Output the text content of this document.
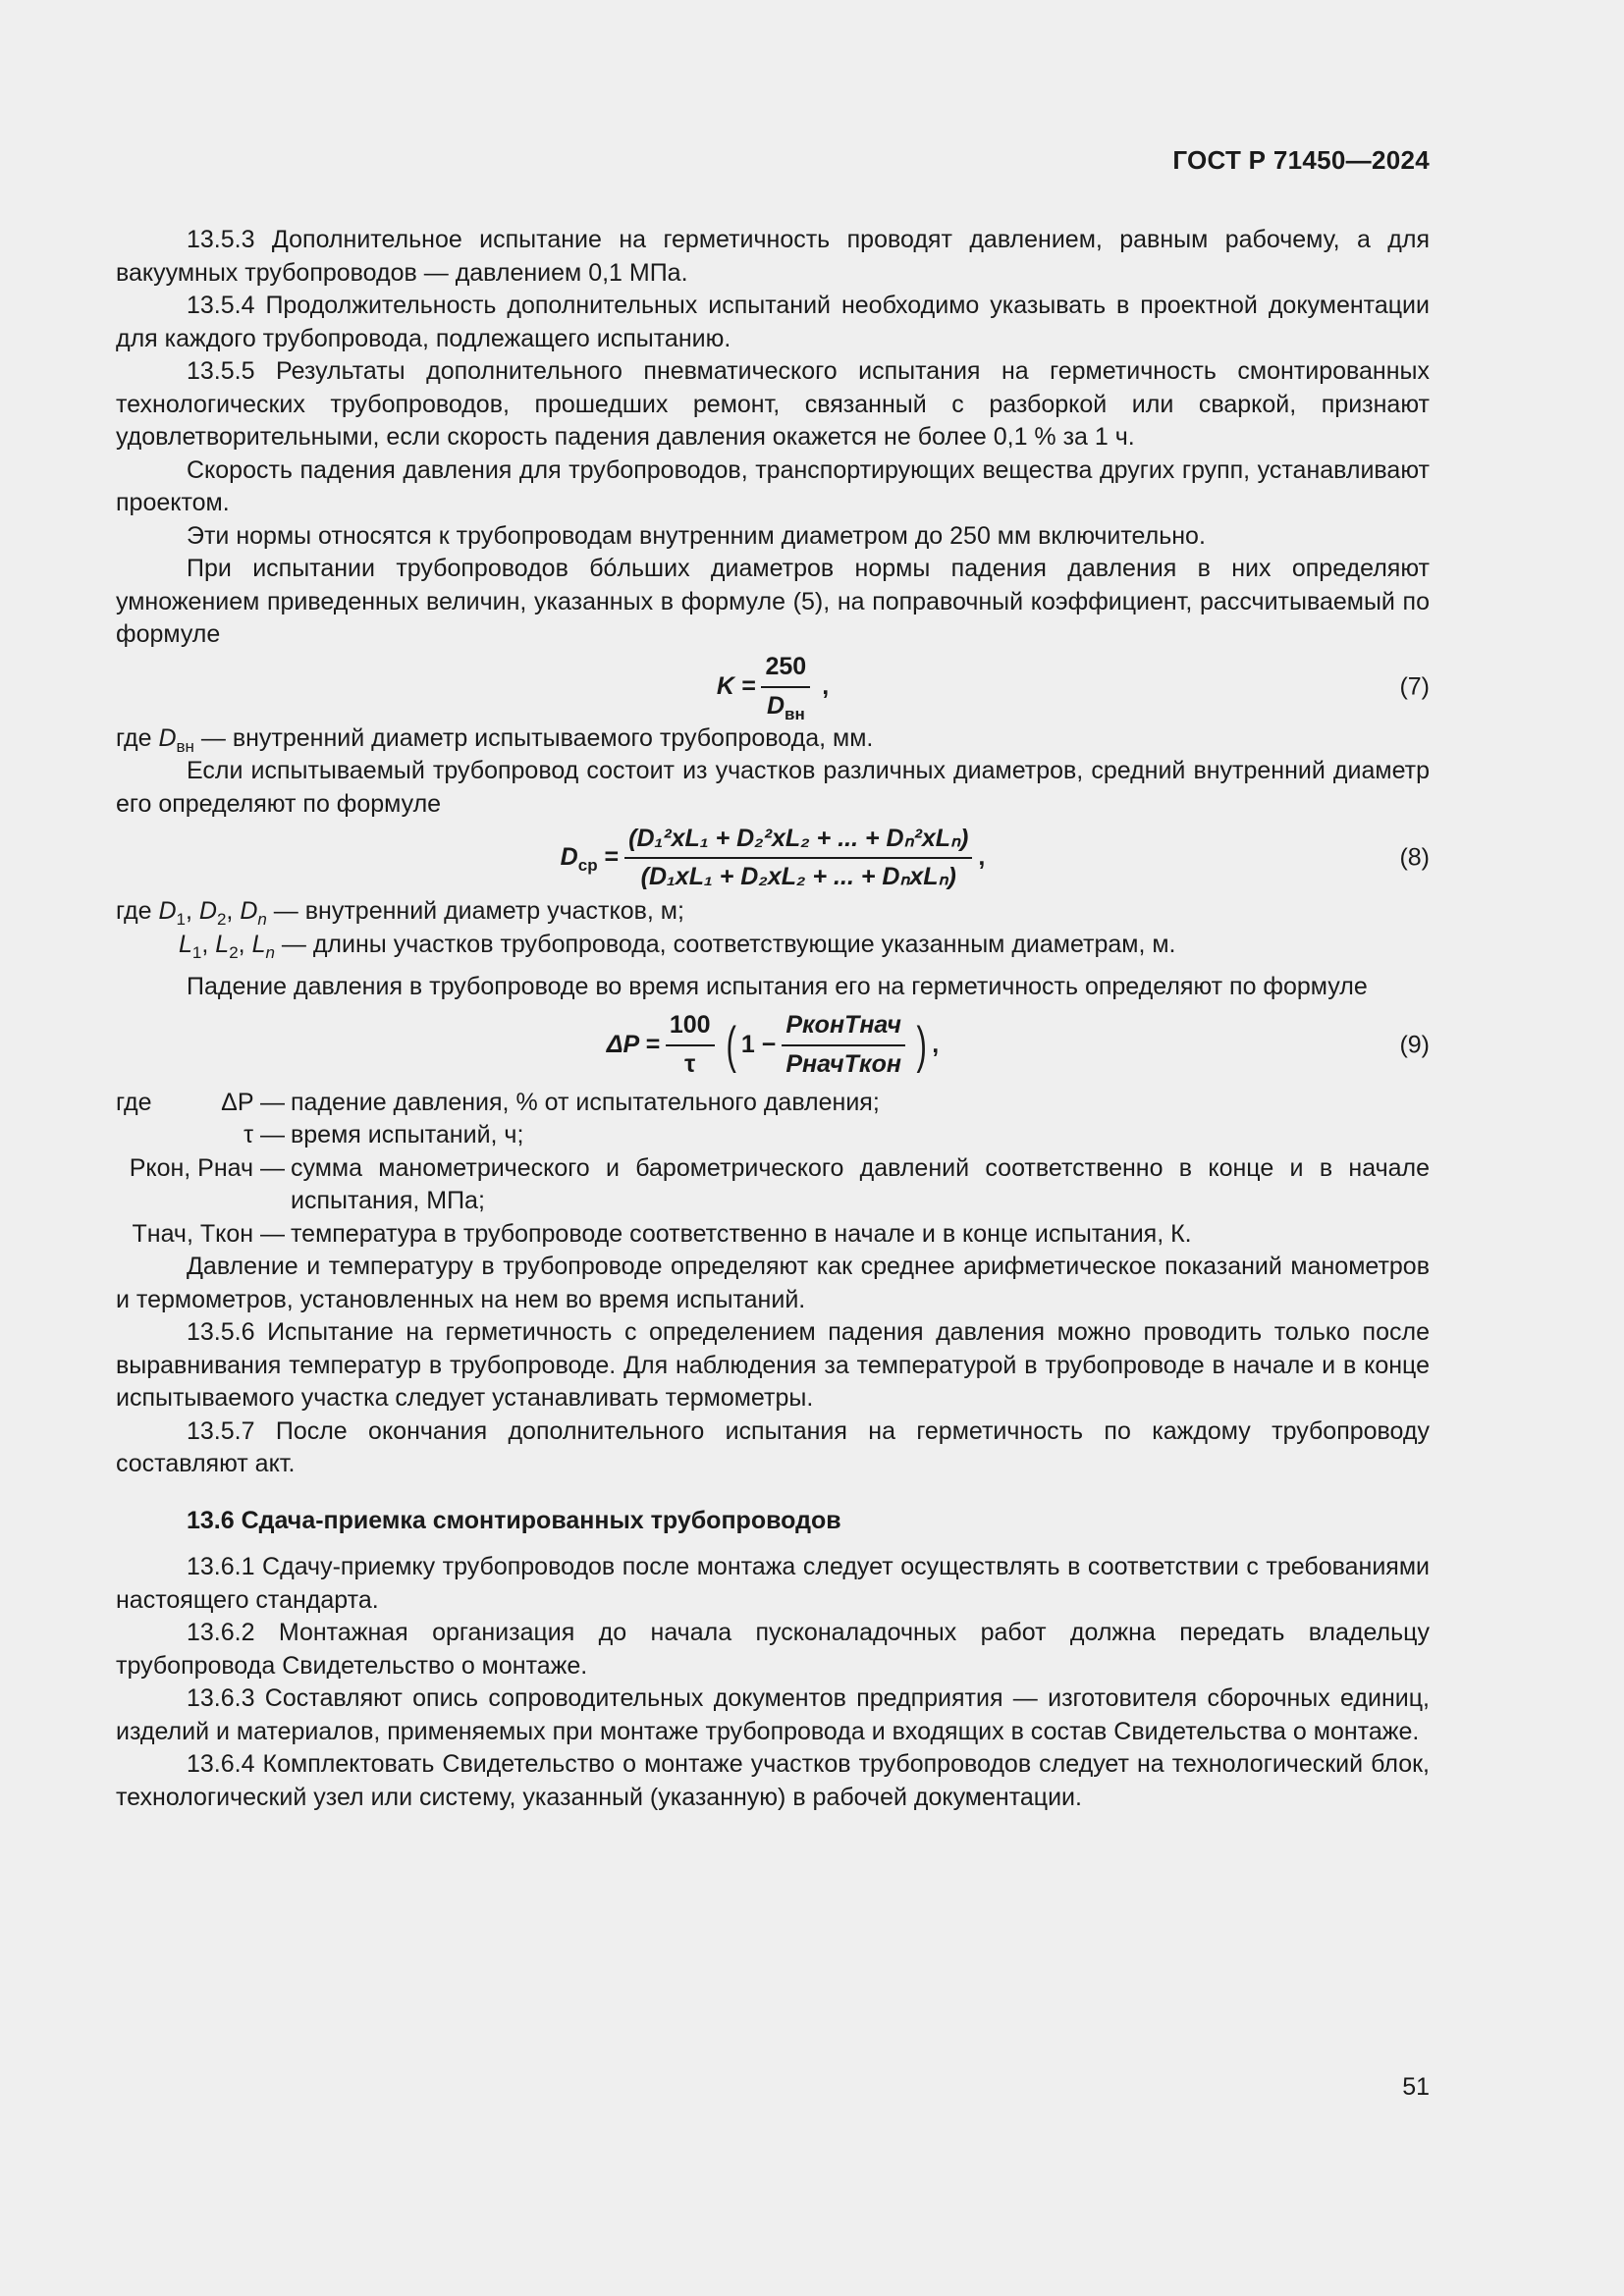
ГОСТ Р 71450—2024

13.5.3 Дополнительное испытание на герметичность проводят давлением, равным рабочему, а для вакуумных трубопроводов — давлением 0,1 МПа.

13.5.4 Продолжительность дополнительных испытаний необходимо указывать в проектной документации для каждого трубопровода, подлежащего испытанию.

13.5.5 Результаты дополнительного пневматического испытания на герметичность смонтированных технологических трубопроводов, прошедших ремонт, связанный с разборкой или сваркой, признают удовлетворительными, если скорость падения давления окажется не более 0,1 % за 1 ч.

Скорость падения давления для трубопроводов, транспортирующих вещества других групп, устанавливают проектом.

Эти нормы относятся к трубопроводам внутренним диаметром до 250 мм включительно.

При испытании трубопроводов бóльших диаметров нормы падения давления в них определяют умножением приведенных величин, указанных в формуле (5), на поправочный коэффициент, рассчитываемый по формуле

$K = \frac{250}{D_{вн}}$ ,	(7)

где $D_{вн}$ — внутренний диаметр испытываемого трубопровода, мм.

Если испытываемый трубопровод состоит из участков различных диаметров, средний внутренний диаметр его определяют по формуле

$D_{ср} = \frac{\text{(D₁²xL₁ + D₂²xL₂ + ... + Dₙ²xLₙ)}}{\text{(D₁xL₁ + D₂xL₂ + ... + DₙxLₙ)}}$ ,	(8)

где $D_1$, $D_2$, $D_n$ — внутренний диаметр участков, м;

$L_1$, $L_2$, $L_n$ — длины участков трубопровода, соответствующие указанным диаметрам, м.

Падение давления в трубопроводе во время испытания его на герметичность определяют по формуле

$\Delta P = \frac{100}{\tau}$ ( $1 - \frac{\text{PконTнач}}{\text{PначTкон}}$ ) ,	(9)
где	ΔP — падение давления, % от испытательного давления;
τ — время испытаний, ч;
Pкон, Pнач — сумма манометрического и барометрического давлений соответственно в конце и в начале испытания, МПа;
Tнач, Tкон — температура в трубопроводе соответственно в начале и в конце испытания, К.

Давление и температуру в трубопроводе определяют как среднее арифметическое показаний манометров и термометров, установленных на нем во время испытаний.

13.5.6 Испытание на герметичность с определением падения давления можно проводить только после выравнивания температур в трубопроводе. Для наблюдения за температурой в трубопроводе в начале и в конце испытываемого участка следует устанавливать термометры.

13.5.7 После окончания дополнительного испытания на герметичность по каждому трубопроводу составляют акт.

13.6 Сдача-приемка смонтированных трубопроводов

13.6.1 Сдачу-приемку трубопроводов после монтажа следует осуществлять в соответствии с требованиями настоящего стандарта.

13.6.2 Монтажная организация до начала пусконаладочных работ должна передать владельцу трубопровода Свидетельство о монтаже.

13.6.3 Составляют опись сопроводительных документов предприятия — изготовителя сборочных единиц, изделий и материалов, применяемых при монтаже трубопровода и входящих в состав Свидетельства о монтаже.

13.6.4 Комплектовать Свидетельство о монтаже участков трубопроводов следует на технологический блок, технологический узел или систему, указанный (указанную) в рабочей документации.

51
